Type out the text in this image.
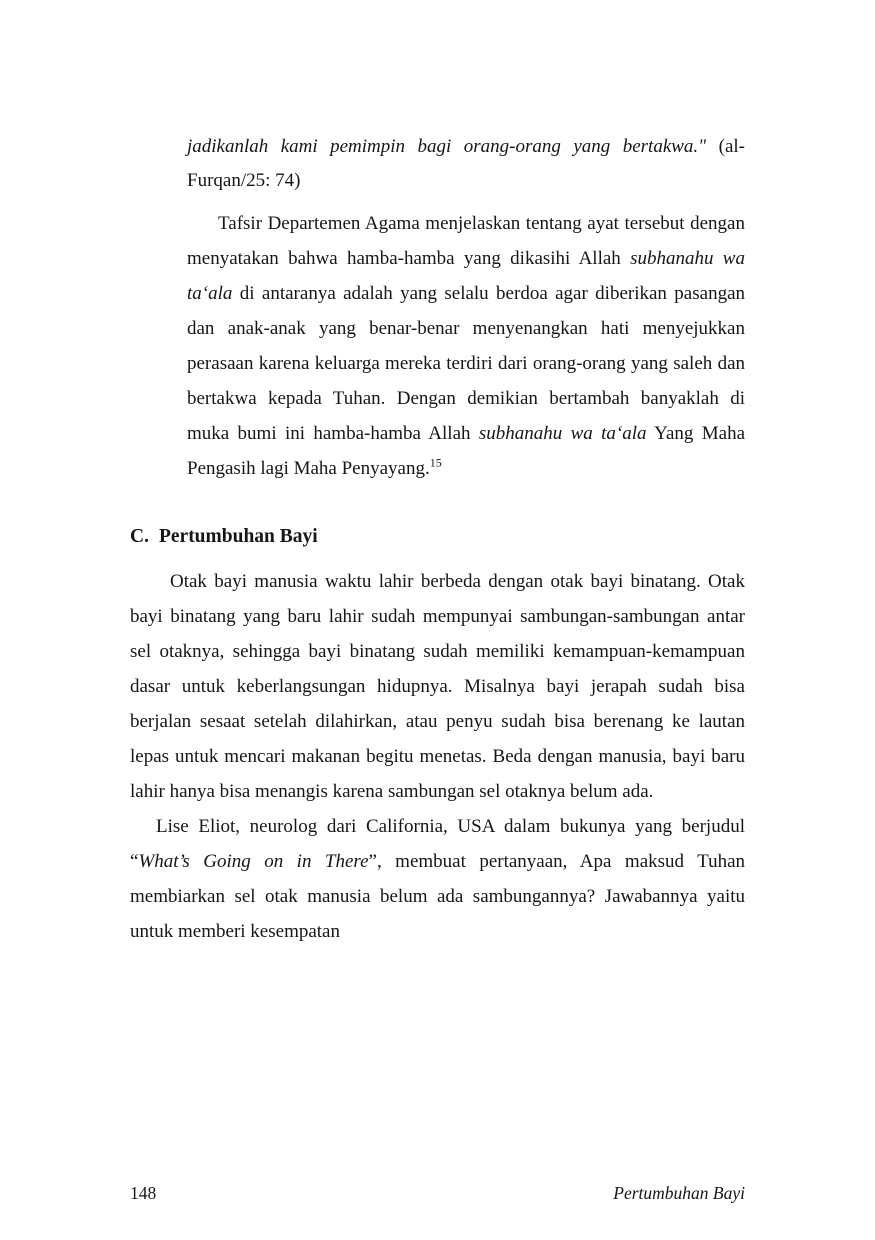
jadikanlah kami pemimpin bagi orang-orang yang bertakwa." (al-Furqan/25: 74)

Tafsir Departemen Agama menjelaskan tentang ayat tersebut dengan menyatakan bahwa hamba-hamba yang dikasihi Allah subhanahu wa ta‘ala di antaranya adalah yang selalu berdoa agar diberikan pasangan dan anak-anak yang benar-benar menyenangkan hati menyejukkan perasaan karena keluarga mereka terdiri dari orang-orang yang saleh dan bertakwa kepada Tuhan. Dengan demikian bertambah banyaklah di muka bumi ini hamba-hamba Allah subhanahu wa ta‘ala Yang Maha Pengasih lagi Maha Penyayang.$^{15}$

C. Pertumbuhan Bayi

Otak bayi manusia waktu lahir berbeda dengan otak bayi binatang. Otak bayi binatang yang baru lahir sudah mempunyai sambungan-sambungan antar sel otaknya, sehingga bayi binatang sudah memiliki kemampuan-kemampuan dasar untuk keberlangsungan hidupnya. Misalnya bayi jerapah sudah bisa berjalan sesaat setelah dilahirkan, atau penyu sudah bisa berenang ke lautan lepas untuk mencari makanan begitu menetas. Beda dengan manusia, bayi baru lahir hanya bisa menangis karena sambungan sel otaknya belum ada.

Lise Eliot, neurolog dari California, USA dalam bukunya yang berjudul “What’s Going on in There”, membuat pertanyaan, Apa maksud Tuhan membiarkan sel otak manusia belum ada sambungannya? Jawabannya yaitu untuk memberi kesempatan

148	Pertumbuhan Bayi
